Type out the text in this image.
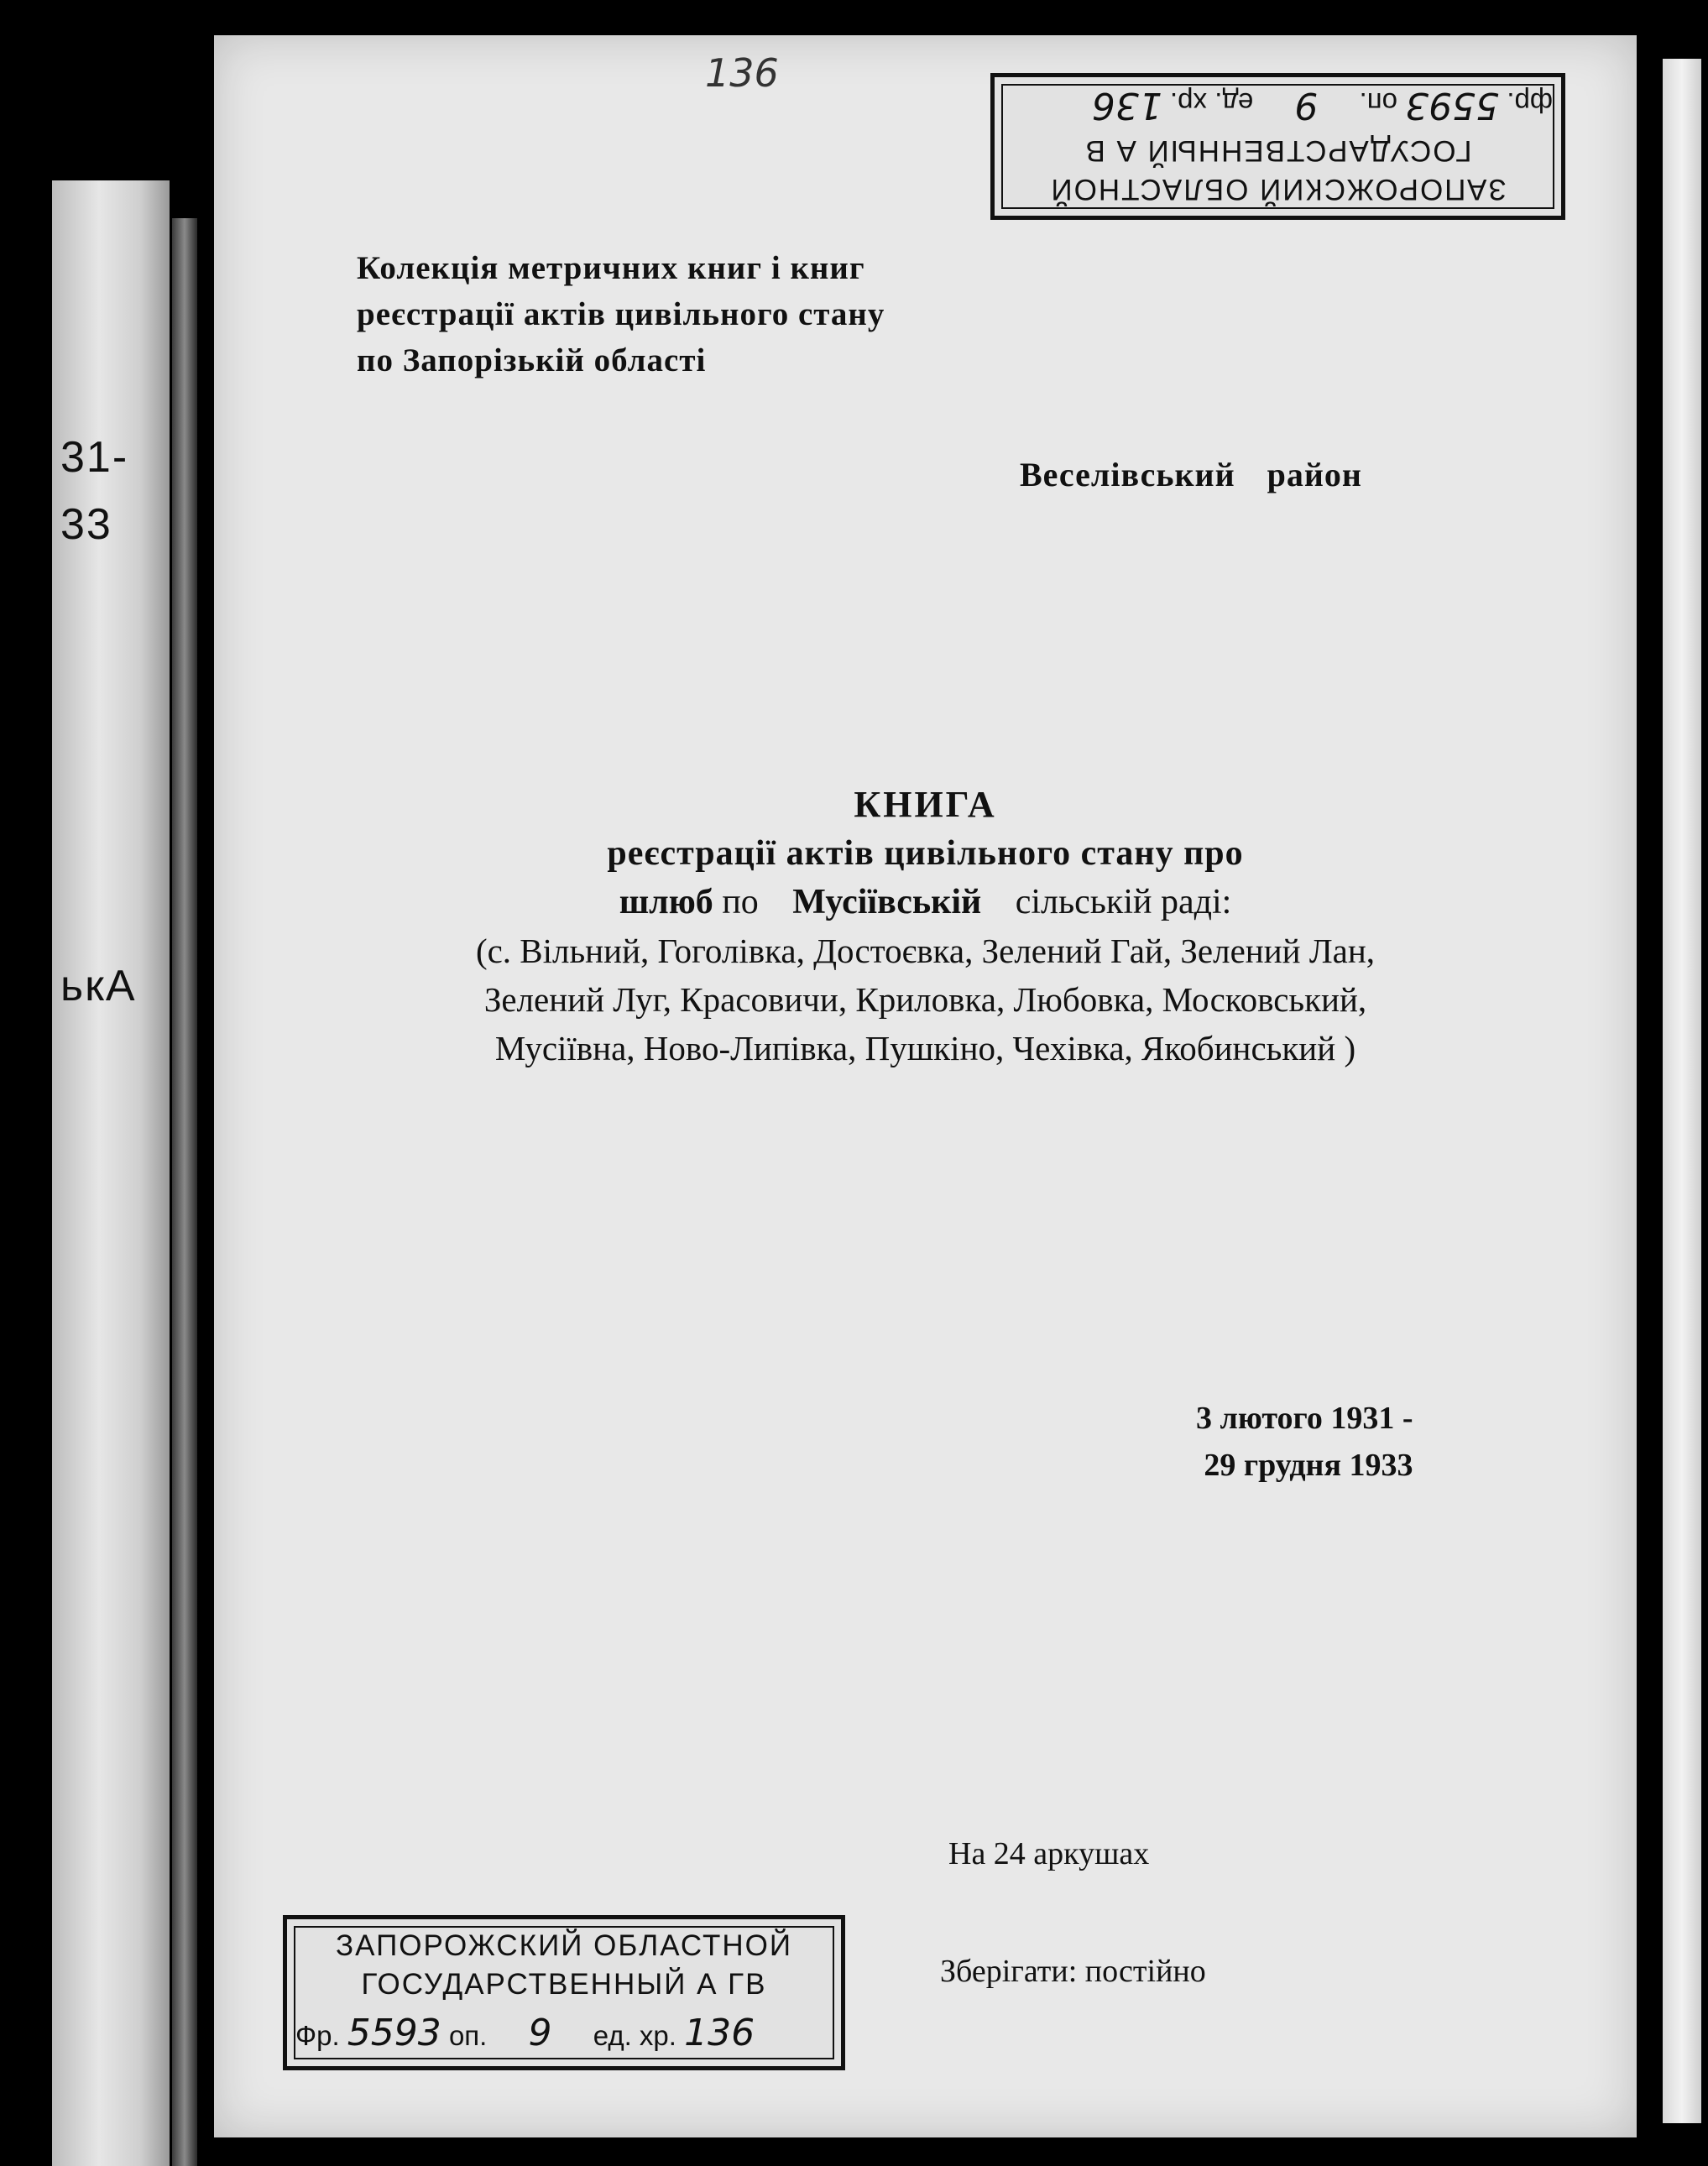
31-
33
ькА
136
ЗАПОРОЖСКИЙ ОБЛАСТНОЙ
ГОСУДАРСТВЕННЫЙ А В
фр. 5593 оп. 9 ед. хр. 136
Колекція метричних книг і книг
реєстрації актів цивільного стану
по Запорізькій області
Веселівський район
КНИГА
реєстрації актів цивільного стану про
шлюб по Мусіївській сільській раді:
(с. Вільний, Гоголівка, Достоєвка, Зелений Гай, Зелений Лан,
Зелений Луг, Красовичи, Криловка, Любовка, Московський,
Мусіївна, Ново-Липівка, Пушкіно, Чехівка, Якобинський )
3 лютого 1931 -
29 грудня 1933
На 24 аркушах
Зберігати: постійно
ЗАПОРОЖСКИЙ ОБЛАСТНОЙ
ГОСУДАРСТВЕННЫЙ А ГВ
Фр. 5593 оп. 9 ед. хр. 136
